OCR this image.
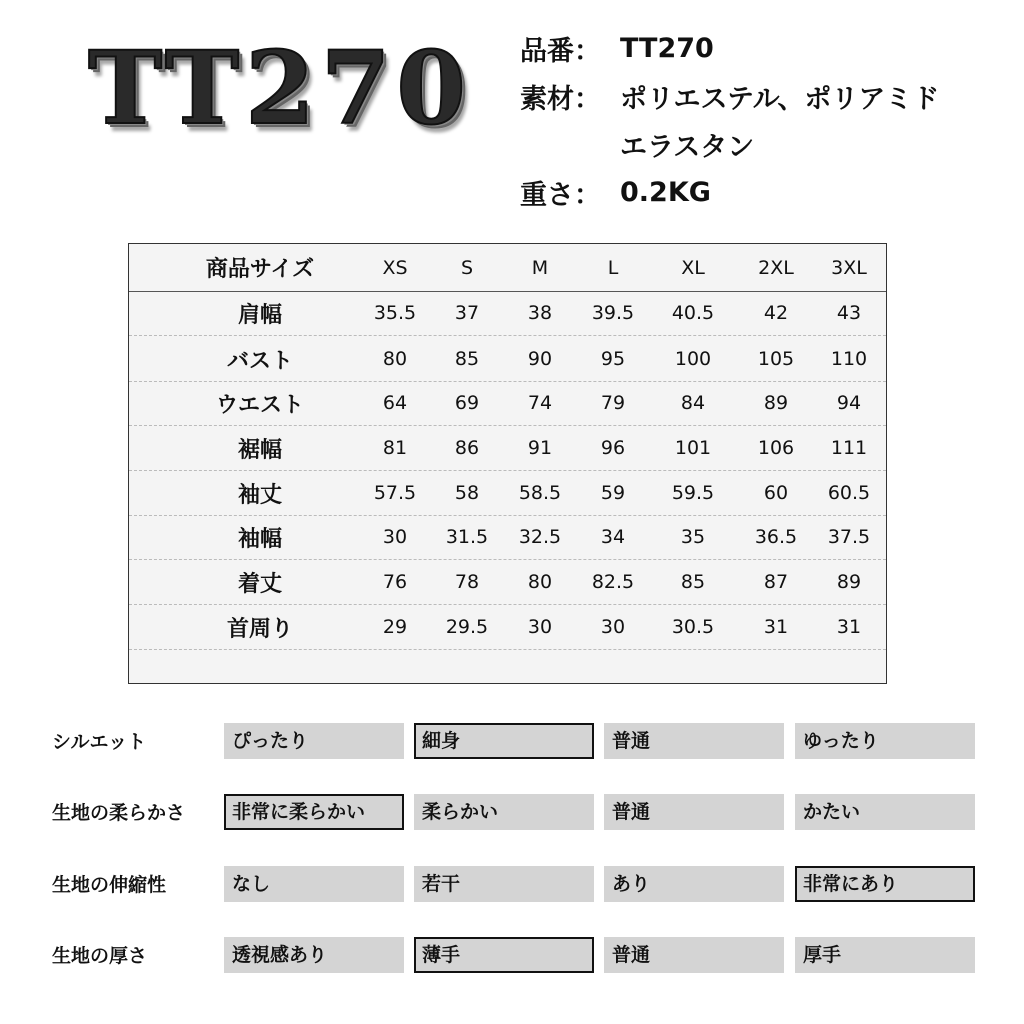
TT270 品番： TT270
素材： ポリエステル、ポリアミド
エラスタン
重さ： 0.2KG
商品サイズ	XS	S	M	L	XL	2XL	3XL
肩幅	35.5	37	38	39.5	40.5	42	43
バスト	80	85	90	95	100	105	110
ウエスト	64	69	74	79	84	89	94
裾幅	81	86	91	96	101	106	111
袖丈	57.5	58	58.5	59	59.5	60	60.5
袖幅	30	31.5	32.5	34	35	36.5	37.5
着丈	76	78	80	82.5	85	87	89
首周り	29	29.5	30	30	30.5	31	31
シルエット	ぴったり	細身	普通	ゆったり
生地の柔らかさ	非常に柔らかい	柔らかい	普通	かたい
生地の伸縮性	なし	若干	あり	非常にあり
生地の厚さ	透視感あり	薄手	普通	厚手
